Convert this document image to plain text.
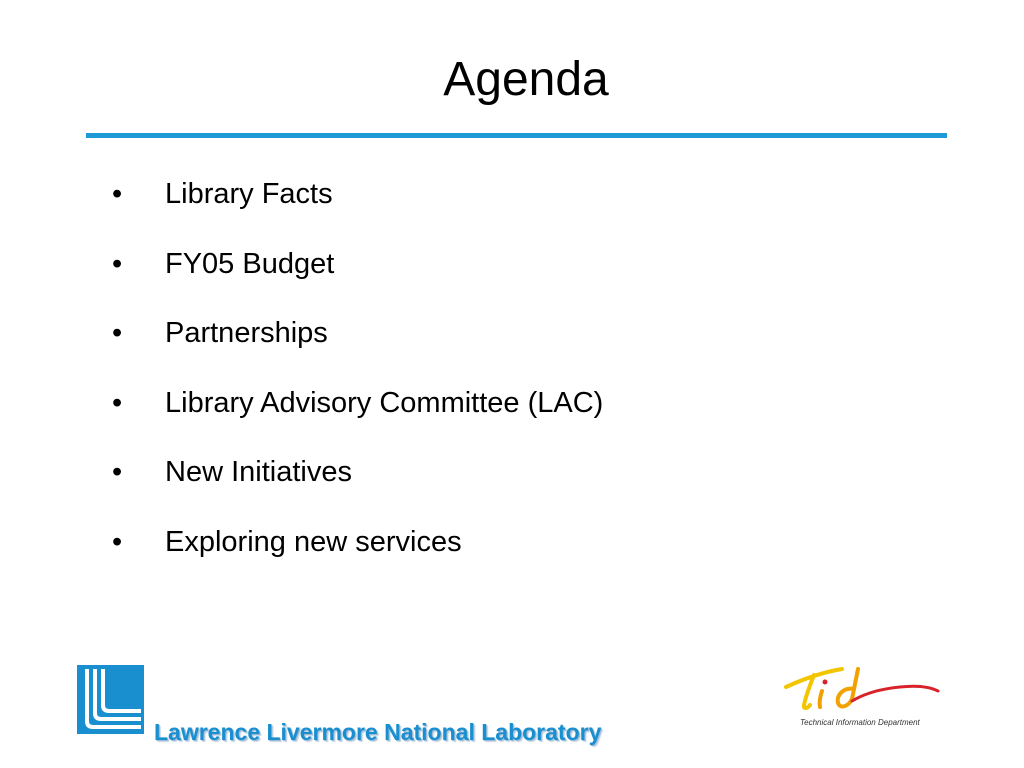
Agenda
• Library Facts
• FY05 Budget
• Partnerships
• Library Advisory Committee (LAC)
• New Initiatives
• Exploring new services
Lawrence Livermore National Laboratory	Technical Information Department
